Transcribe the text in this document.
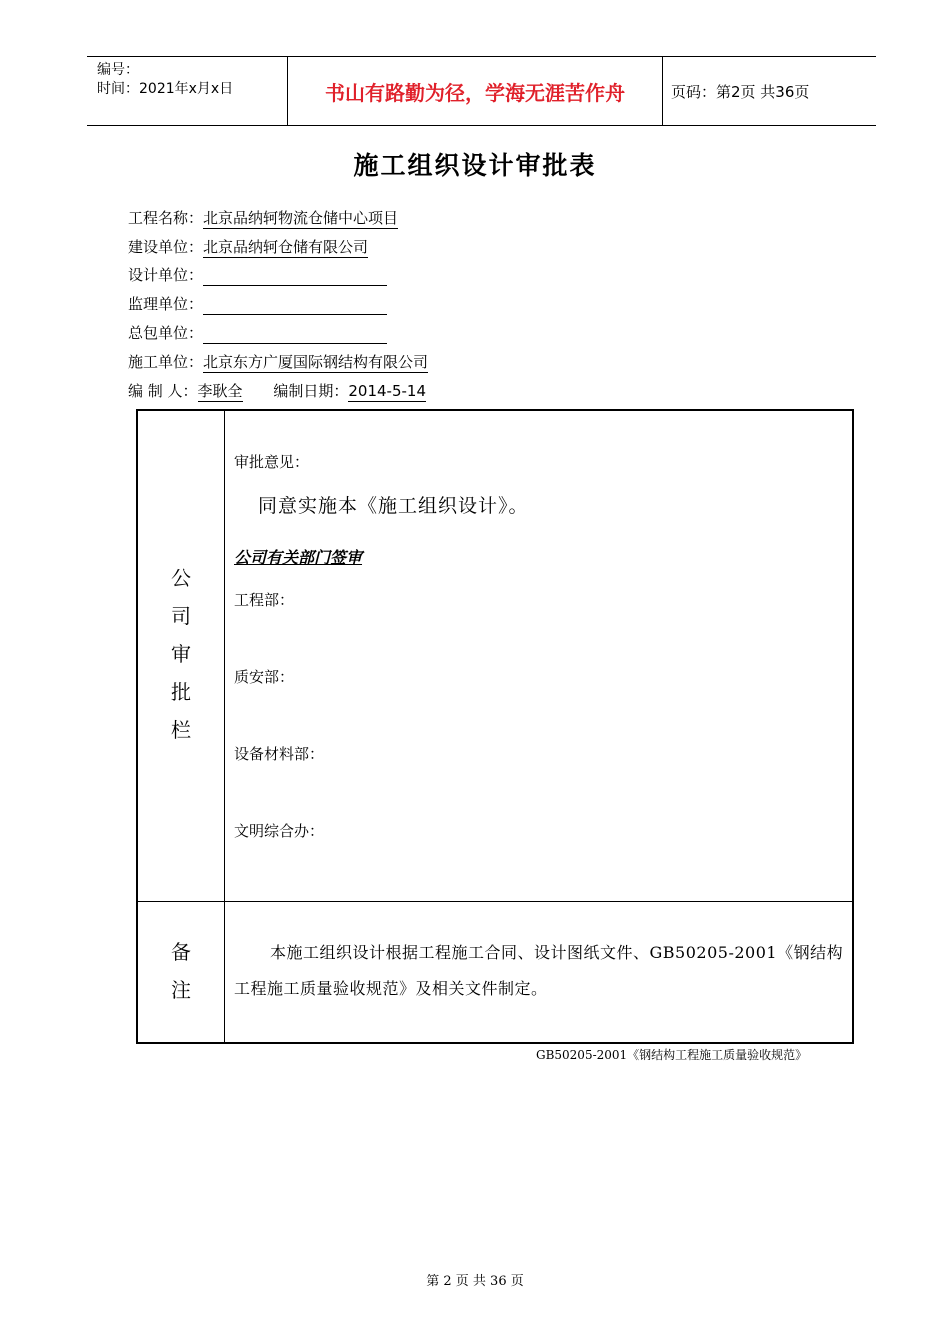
编号：
时间：2021年x月x日	书山有路勤为径，学海无涯苦作舟	页码：第2页 共36页
施工组织设计审批表
工程名称：北京品纳轲物流仓储中心项目
建设单位：北京品纳轲仓储有限公司
设计单位：
监理单位：
总包单位：
施工单位：北京东方广厦国际钢结构有限公司
编 制 人：李耿全 编制日期：2014-5-14
公
司
审
批
栏
审批意见：
同意实施本《施工组织设计》。
公司有关部门签审
工程部：
质安部：
设备材料部：
文明综合办：
备
注
本施工组织设计根据工程施工合同、设计图纸文件、GB50205-2001《钢结构工程施工质量验收规范》及相关文件制定。
GB50205-2001《钢结构工程施工质量验收规范》
第 2 页 共 36 页
